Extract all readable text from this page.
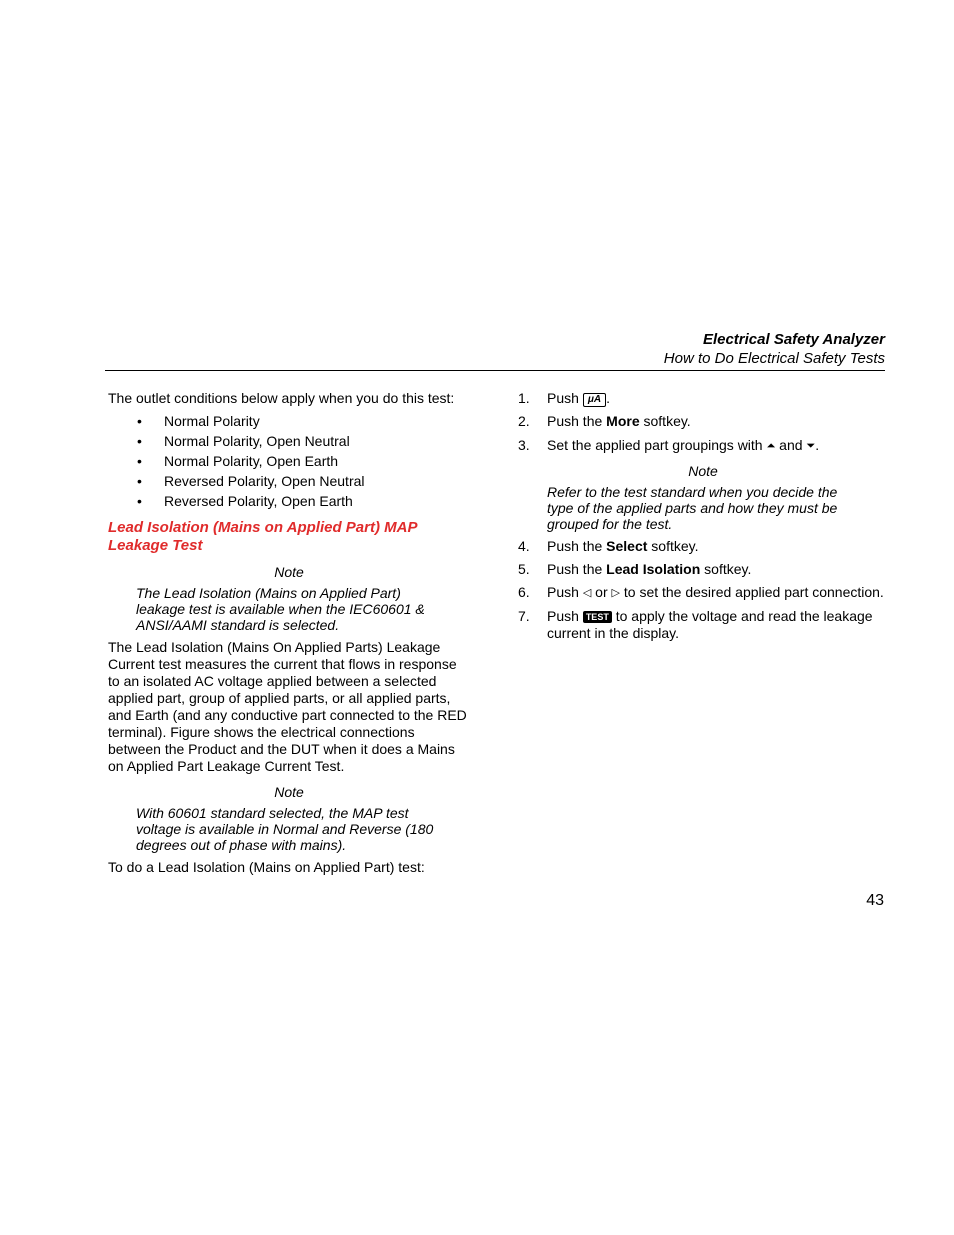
Electrical Safety Analyzer
How to Do Electrical Safety Tests

The outlet conditions below apply when you do this test:

• Normal Polarity
• Normal Polarity, Open Neutral
• Normal Polarity, Open Earth
• Reversed Polarity, Open Neutral
• Reversed Polarity, Open Earth
Lead Isolation (Mains on Applied Part) MAP
Leakage Test

Note

The Lead Isolation (Mains on Applied Part)
leakage test is available when the IEC60601 &
ANSI/AAMI standard is selected.
The Lead Isolation (Mains On Applied Parts) Leakage
Current test measures the current that flows in response
to an isolated AC voltage applied between a selected
applied part, group of applied parts, or all applied parts,
and Earth (and any conductive part connected to the RED
terminal). Figure shows the electrical connections
between the Product and the DUT when it does a Mains
on Applied Part Leakage Current Test.

Note

With 60601 standard selected, the MAP test
voltage is available in Normal and Reverse (180
degrees out of phase with mains).

To do a Lead Isolation (Mains on Applied Part) test:

1. Push μA .
2. Push the More softkey.
3. Set the applied part groupings with ⏶ and ⏷.

Note

Refer to the test standard when you decide the
type of the applied parts and how they must be
grouped for the test.
4. Push the Select softkey.
5. Push the Lead Isolation softkey.
6. Push ◁ or ▷ to set the desired applied part connection.
7. Push TEST to apply the voltage and read the leakage
current in the display.
43
